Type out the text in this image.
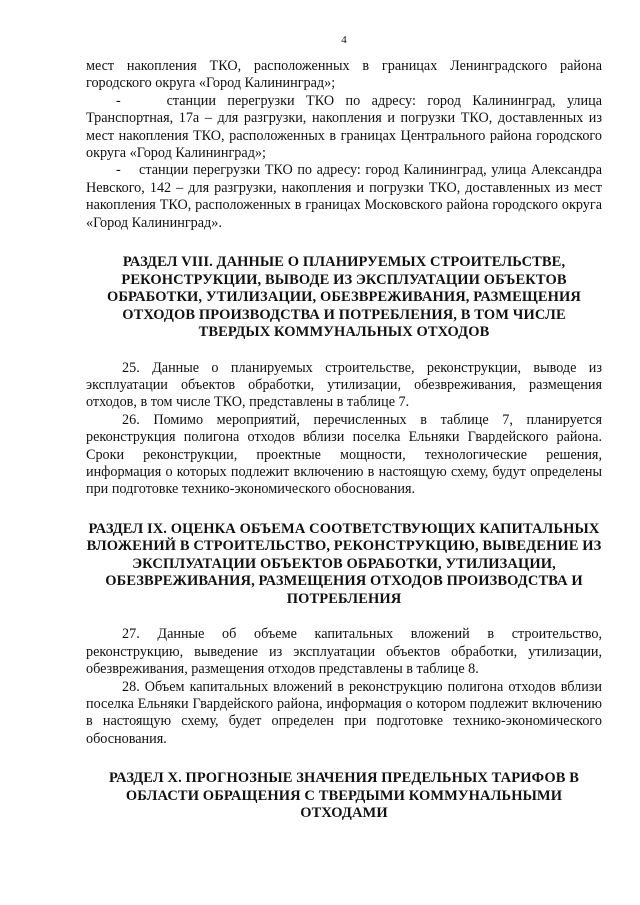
4

мест накопления ТКО, расположенных в границах Ленинградского района городского округа «Город Калининград»;

-    станции перегрузки ТКО по адресу: город Калининград, улица Транспортная, 17а – для разгрузки, накопления и погрузки ТКО, доставленных из мест накопления ТКО, расположенных в границах Центрального района городского округа «Город Калининград»;

-    станции перегрузки ТКО по адресу: город Калининград, улица Александра Невского, 142 – для разгрузки, накопления и погрузки ТКО, доставленных из мест накопления ТКО, расположенных в границах Московского района городского округа «Город Калининград».

РАЗДЕЛ VIII. ДАННЫЕ О ПЛАНИРУЕМЫХ СТРОИТЕЛЬСТВЕ, РЕКОНСТРУКЦИИ, ВЫВОДЕ ИЗ ЭКСПЛУАТАЦИИ ОБЪЕКТОВ ОБРАБОТКИ, УТИЛИЗАЦИИ, ОБЕЗВРЕЖИВАНИЯ, РАЗМЕЩЕНИЯ ОТХОДОВ ПРОИЗВОДСТВА И ПОТРЕБЛЕНИЯ, В ТОМ ЧИСЛЕ ТВЕРДЫХ КОММУНАЛЬНЫХ ОТХОДОВ

25. Данные о планируемых строительстве, реконструкции, выводе из эксплуатации объектов обработки, утилизации, обезвреживания, размещения отходов, в том числе ТКО, представлены в таблице 7.

26. Помимо мероприятий, перечисленных в таблице 7, планируется реконструкция полигона отходов вблизи поселка Ельняки Гвардейского района. Сроки реконструкции, проектные мощности, технологические решения, информация о которых подлежит включению в настоящую схему, будут определены при подготовке технико-экономического обоснования.

РАЗДЕЛ IX. ОЦЕНКА ОБЪЕМА СООТВЕТСТВУЮЩИХ КАПИТАЛЬНЫХ ВЛОЖЕНИЙ В СТРОИТЕЛЬСТВО, РЕКОНСТРУКЦИЮ, ВЫВЕДЕНИЕ ИЗ ЭКСПЛУАТАЦИИ ОБЪЕКТОВ ОБРАБОТКИ, УТИЛИЗАЦИИ, ОБЕЗВРЕЖИВАНИЯ, РАЗМЕЩЕНИЯ ОТХОДОВ ПРОИЗВОДСТВА И ПОТРЕБЛЕНИЯ

27. Данные об объеме капитальных вложений в строительство, реконструкцию, выведение из эксплуатации объектов обработки, утилизации, обезвреживания, размещения отходов представлены в таблице 8.

28. Объем капитальных вложений в реконструкцию полигона отходов вблизи поселка Ельняки Гвардейского района, информация о котором подлежит включению в настоящую схему, будет определен при подготовке технико-экономического обоснования.

РАЗДЕЛ X. ПРОГНОЗНЫЕ ЗНАЧЕНИЯ ПРЕДЕЛЬНЫХ ТАРИФОВ В ОБЛАСТИ ОБРАЩЕНИЯ С ТВЕРДЫМИ КОММУНАЛЬНЫМИ ОТХОДАМИ
